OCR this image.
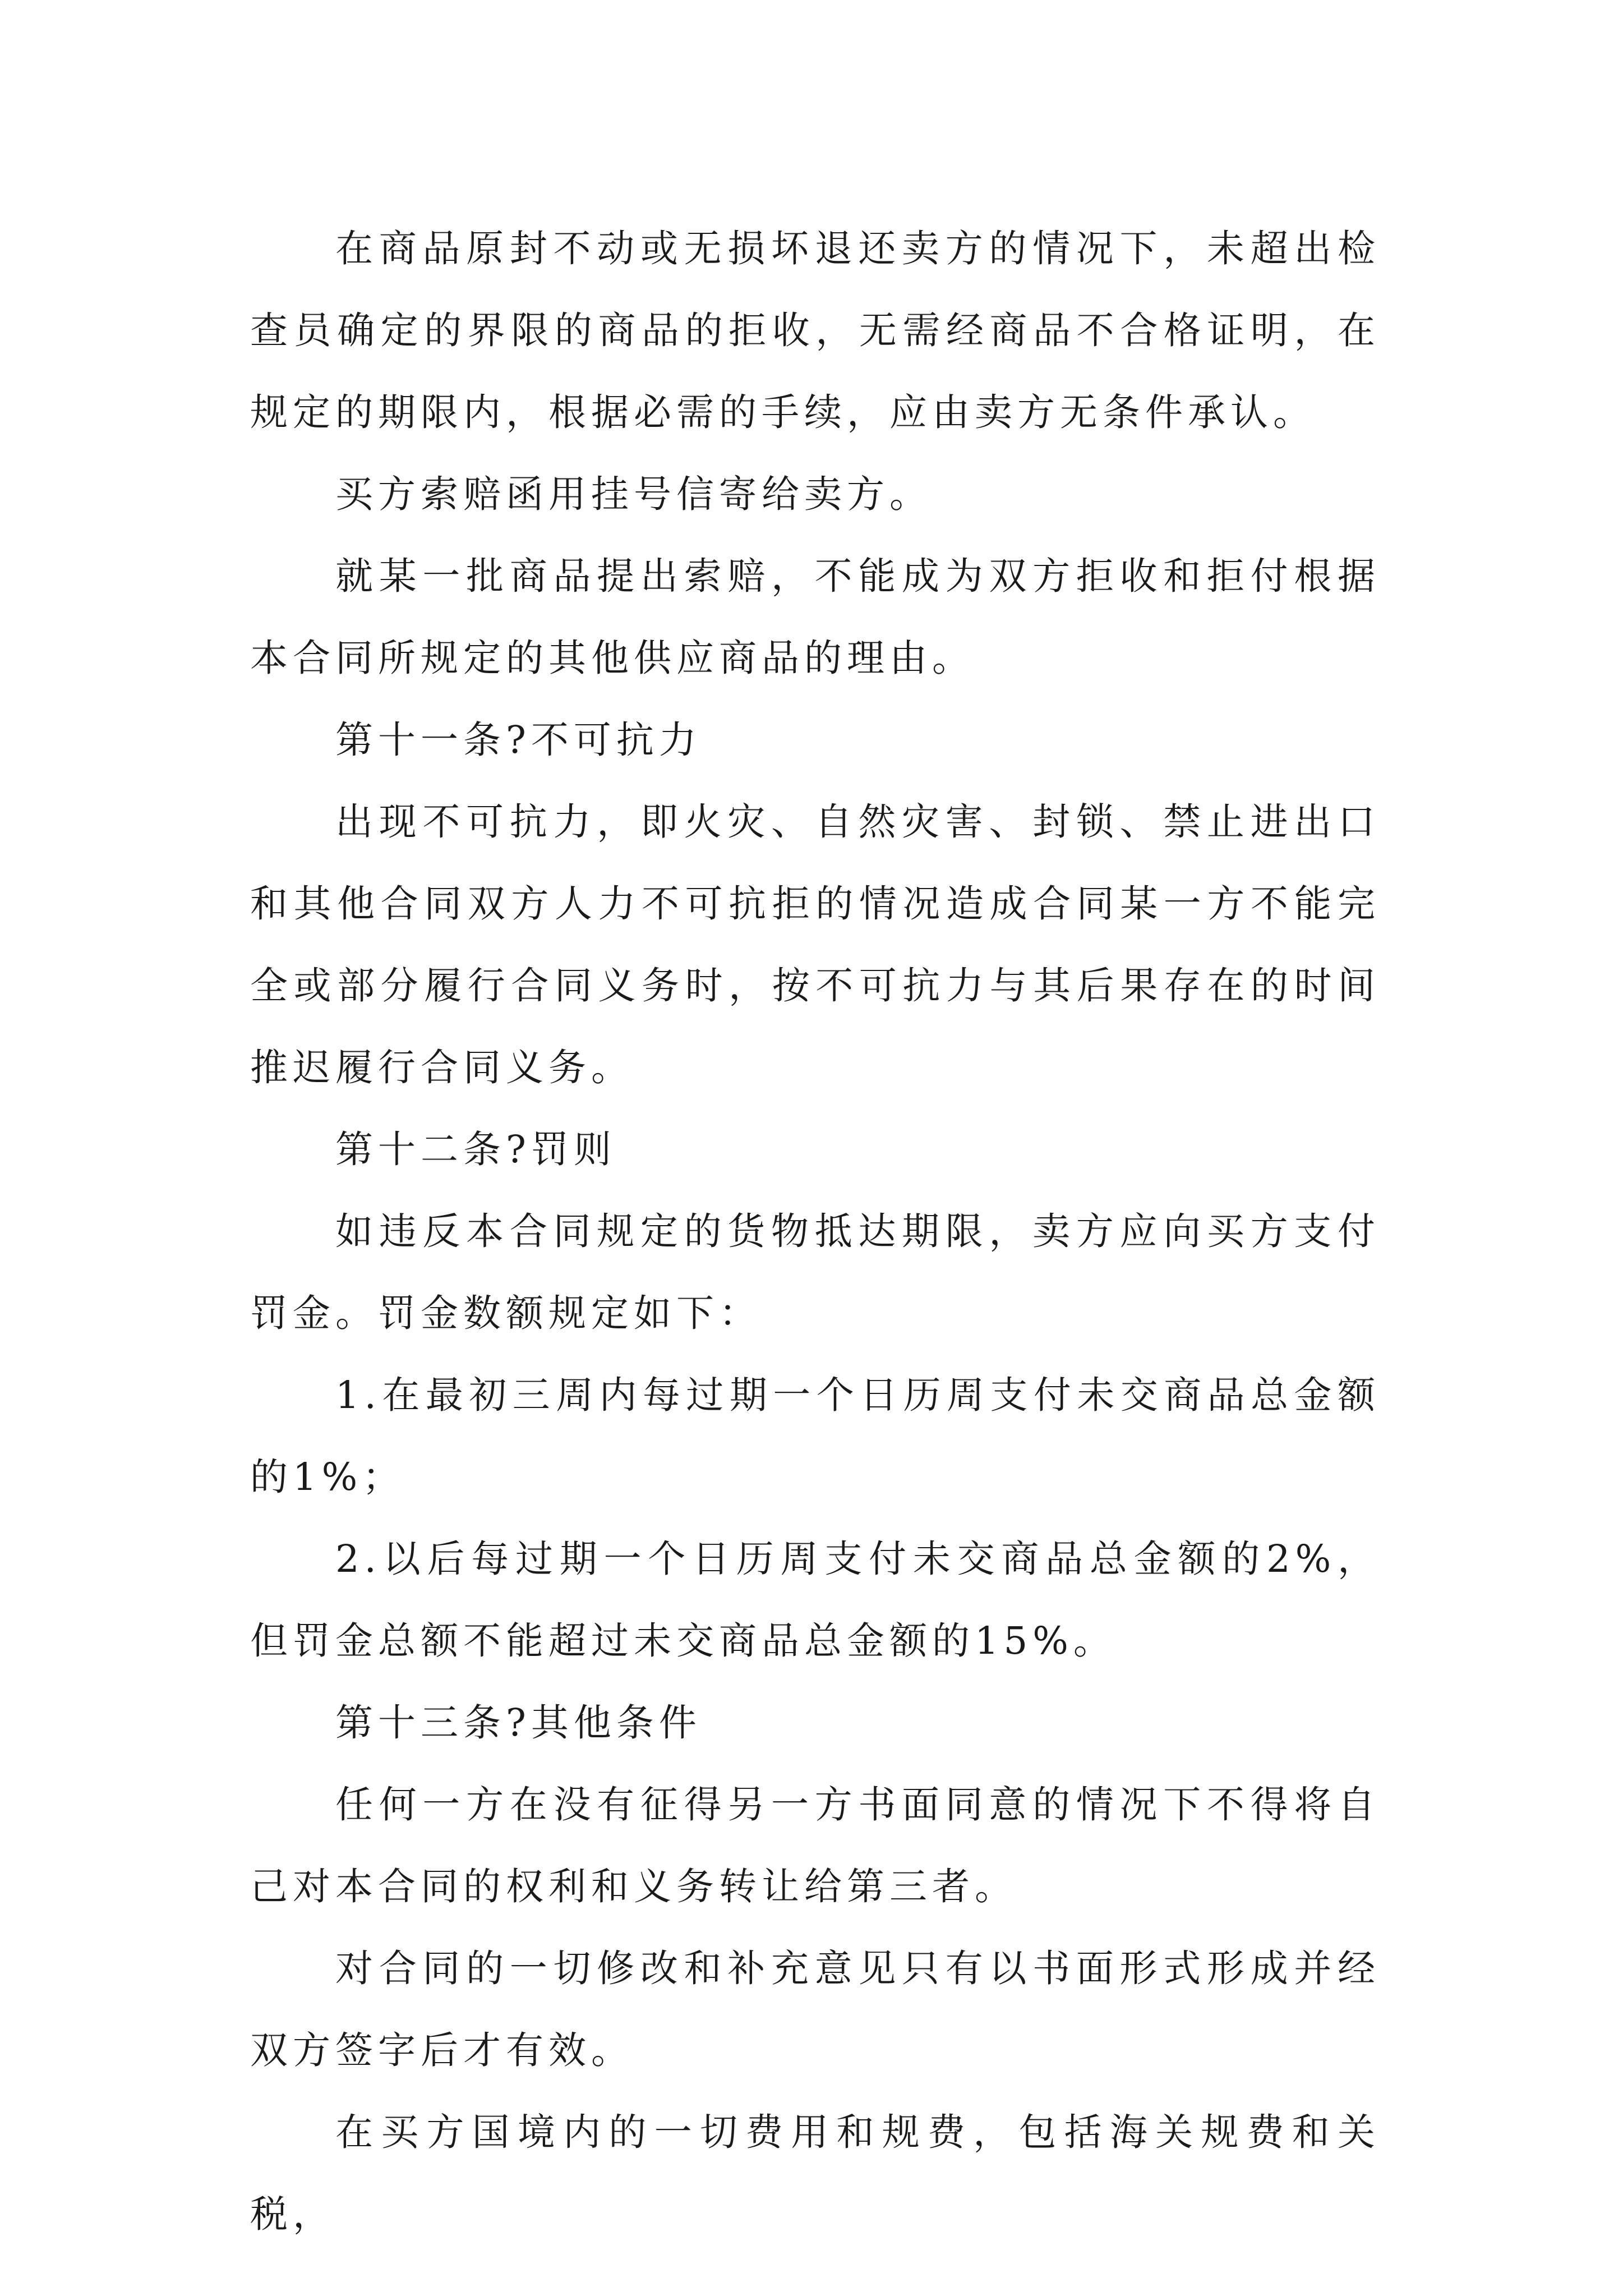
在商品原封不动或无损坏退还卖方的情况下，未超出检查员确定的界限的商品的拒收，无需经商品不合格证明，在规定的期限内，根据必需的手续，应由卖方无条件承认。

买方索赔函用挂号信寄给卖方。

就某一批商品提出索赔，不能成为双方拒收和拒付根据本合同所规定的其他供应商品的理由。

第十一条?不可抗力

出现不可抗力，即火灾、自然灾害、封锁、禁止进出口和其他合同双方人力不可抗拒的情况造成合同某一方不能完全或部分履行合同义务时，按不可抗力与其后果存在的时间推迟履行合同义务。

第十二条?罚则

如违反本合同规定的货物抵达期限，卖方应向买方支付罚金。罚金数额规定如下：

1.在最初三周内每过期一个日历周支付未交商品总金额的1%；

2.以后每过期一个日历周支付未交商品总金额的2%，但罚金总额不能超过未交商品总金额的15%。

第十三条?其他条件

任何一方在没有征得另一方书面同意的情况下不得将自己对本合同的权利和义务转让给第三者。

对合同的一切修改和补充意见只有以书面形式形成并经双方签字后才有效。

在买方国境内的一切费用和规费，包括海关规费和关税，
